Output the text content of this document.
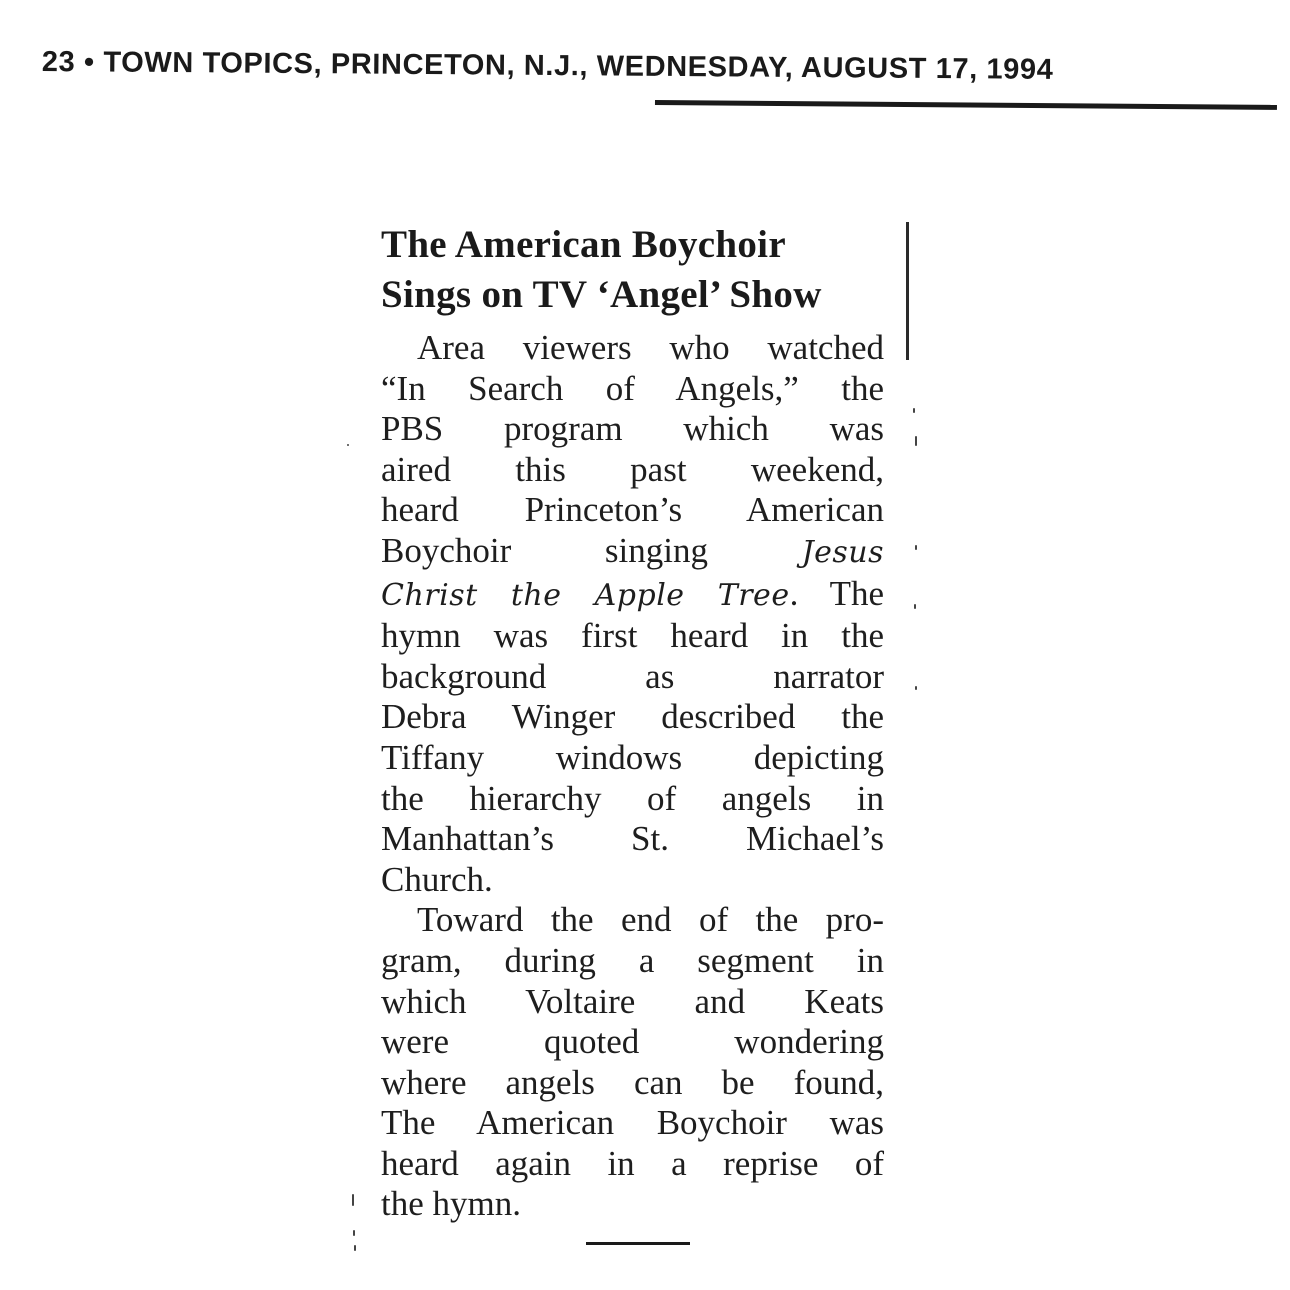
23 • TOWN TOPICS, PRINCETON, N.J., WEDNESDAY, AUGUST 17, 1994
The American Boychoir
Sings on TV ‘Angel’ Show

Area viewers who watched
“In Search of Angels,” the
PBS program which was
aired this past weekend,
heard Princeton’s American
Boychoir singing Jesus
Christ the Apple Tree. The
hymn was first heard in the
background as narrator
Debra Winger described the
Tiffany windows depicting
the hierarchy of angels in
Manhattan’s St. Michael’s
Church.

Toward the end of the pro-
gram, during a segment in
which Voltaire and Keats
were quoted wondering
where angels can be found,
The American Boychoir was
heard again in a reprise of
the hymn.
